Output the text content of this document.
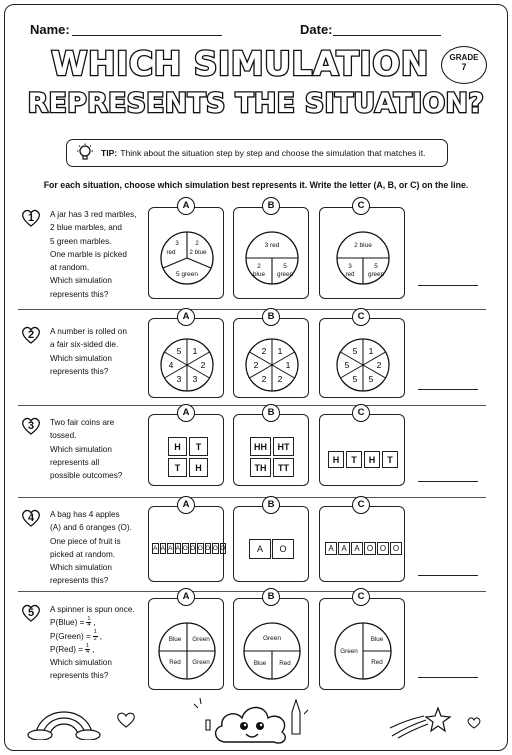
Name:	Date:
WHICH SIMULATION
REPRESENTS THE SITUATION?
GRADE
7
TIP: Think about the situation step by step and choose the simulation that matches it.
For each situation, choose which simulation best represents it. Write the letter (A, B, or C) on the line.
1	A jar has 3 red marbles,
2 blue marbles, and
5 green marbles.
One marble is picked
at random.
Which simulation
represents this?
2	A number is rolled on
a fair six-sided die.
Which simulation
represents this?
3	Two fair coins are
tossed.
Which simulation
represents all
possible outcomes?
4	A bag has 4 apples
(A) and 6 oranges (O).
One piece of fruit is
picked at random.
Which simulation
represents this?
5	A spinner is spun once.
P(Blue) = $\frac{1}{4}$ ,
P(Green) = $\frac{1}{2}$ ,
$P(Red) = \frac{1}{4}$ ,
Which simulation
represents this?
3
red
2
2 blue
5 green
3 red
2
blue
5
green
2 blue
3
red
5
green
1
2
3
3
4
5	1
1
2
2
2
2	1
2
5
5
5
5
H	T
T	H
HH	HT
TH	TT
H	T	H	T
A A A A O O O O O O	A	O	A A A O O O
Blue	Green
Red	Green
Green
Blue	Red
Green
Blue
Red
A	B	C
A	B	C
A	B	C
A	B	C
A	B	C
